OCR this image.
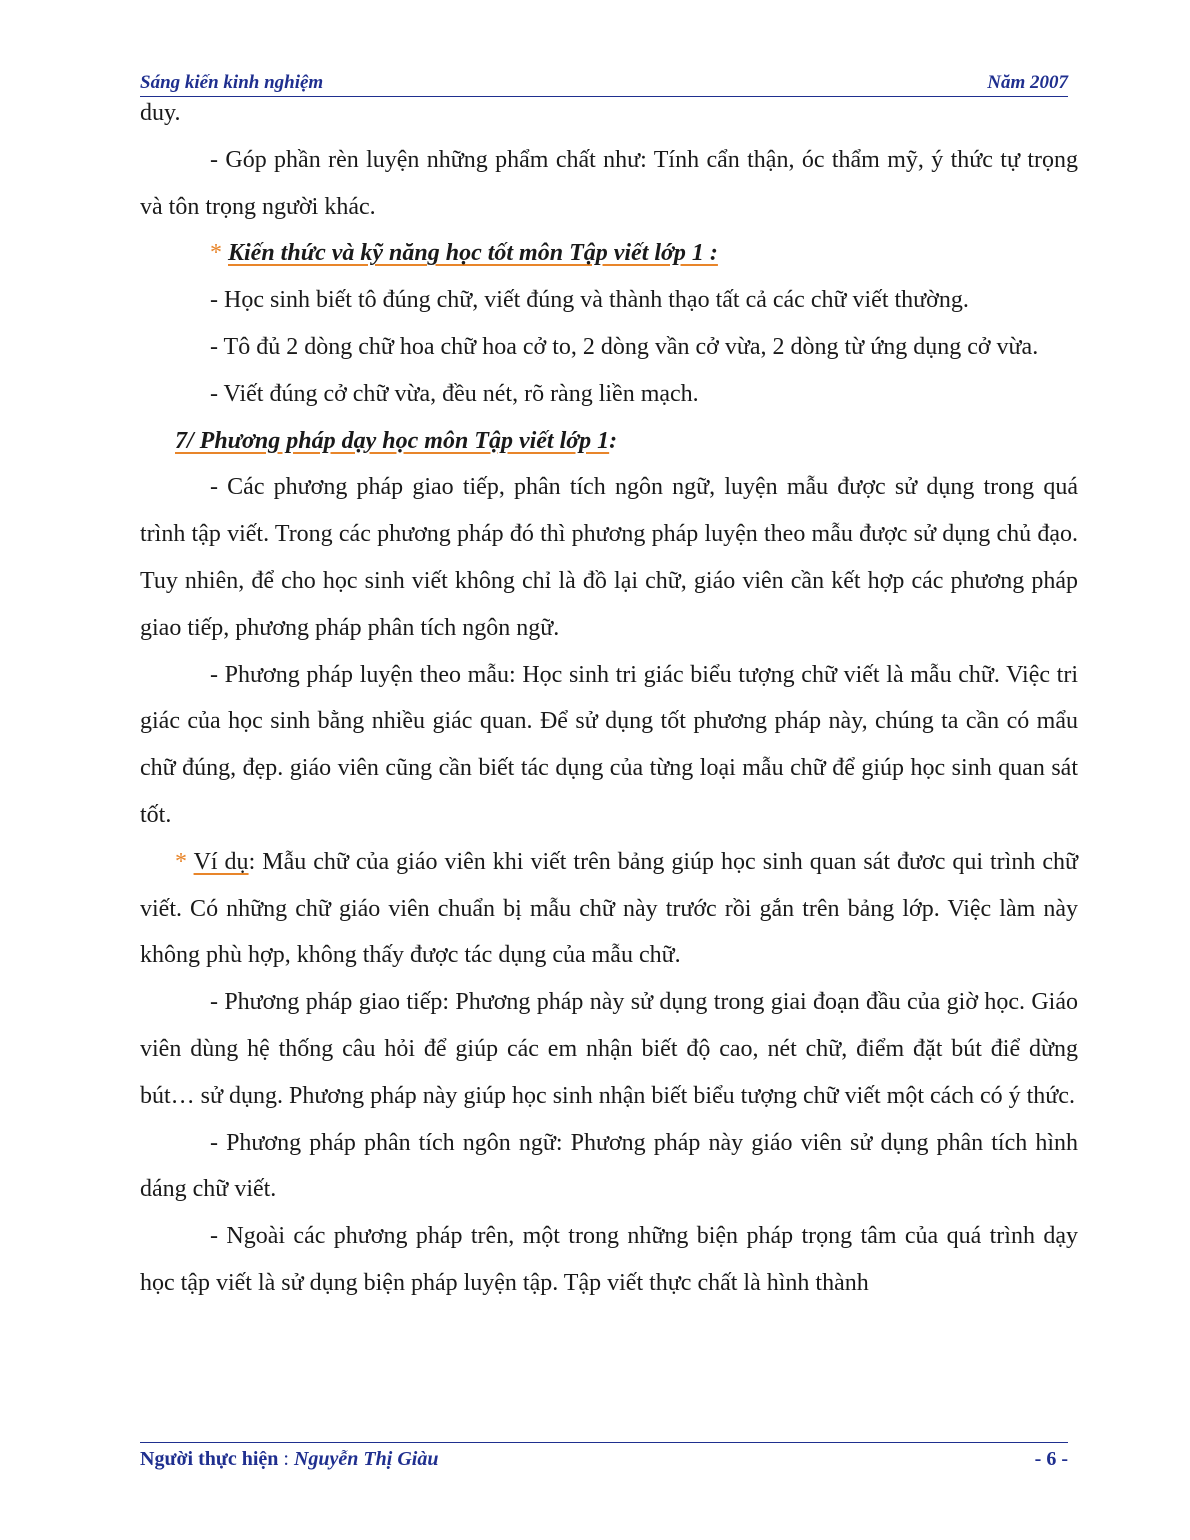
Sáng kiến kinh nghiệm	Năm 2007

duy.

- Góp phần rèn luyện những phẩm chất như: Tính cẩn thận, óc thẩm mỹ, ý thức tự trọng và tôn trọng người khác.

* Kiến thức và kỹ năng học tốt môn Tập viết lớp 1 :

- Học sinh biết tô đúng chữ, viết đúng và thành thạo tất cả các chữ viết thường.

- Tô đủ 2 dòng chữ hoa chữ hoa cở to, 2 dòng vần cở vừa, 2 dòng từ ứng dụng cở vừa.

- Viết đúng cở chữ vừa, đều nét, rõ ràng liền mạch.

7/ Phương pháp dạy học môn Tập viết lớp 1:

- Các phương pháp giao tiếp, phân tích ngôn ngữ, luyện mẫu được sử dụng trong quá trình tập viết. Trong các phương pháp đó thì phương pháp luyện theo mẫu được sử dụng chủ đạo. Tuy nhiên, để cho học sinh viết không chỉ là đồ lại chữ, giáo viên cần kết hợp các phương pháp giao tiếp, phương pháp phân tích ngôn ngữ.

- Phương pháp luyện theo mẫu: Học sinh tri giác biểu tượng chữ viết là mẫu chữ. Việc tri giác của học sinh bằng nhiều giác quan. Để sử dụng tốt phương pháp này, chúng ta cần có mẩu chữ đúng, đẹp. giáo viên cũng cần biết tác dụng của từng loại mẫu chữ để giúp học sinh quan sát tốt.

* Ví dụ: Mẫu chữ của giáo viên khi viết trên bảng giúp học sinh quan sát đươc qui trình chữ viết. Có những chữ giáo viên chuẩn bị mẫu chữ này trước rồi gắn trên bảng lớp. Việc làm này không phù hợp, không thấy được tác dụng của mẫu chữ.

- Phương pháp giao tiếp: Phương pháp này sử dụng trong giai đoạn đầu của giờ học. Giáo viên dùng hệ thống câu hỏi để giúp các em nhận biết độ cao, nét chữ, điểm đặt bút điể dừng bút… sử dụng. Phương pháp này giúp học sinh nhận biết biểu tượng chữ viết một cách có ý thức.

- Phương pháp phân tích ngôn ngữ: Phương pháp này giáo viên sử dụng phân tích hình dáng chữ viết.

- Ngoài các phương pháp trên, một trong những biện pháp trọng tâm của quá trình dạy học tập viết là sử dụng biện pháp luyện tập. Tập viết thực chất là hình thành

Người thực hiện : Nguyễn Thị Giàu	- 6 -
